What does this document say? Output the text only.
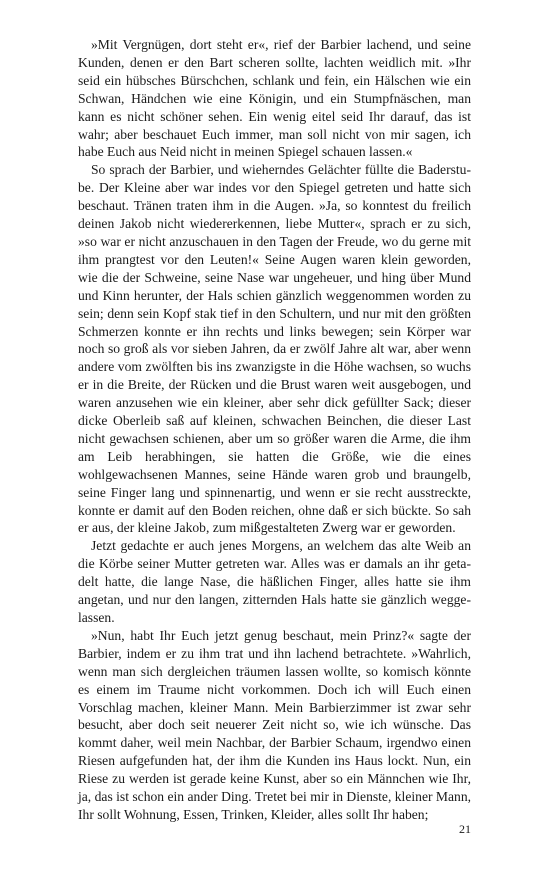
»Mit Vergnügen, dort steht er«, rief der Barbier lachend, und seine Kunden, denen er den Bart scheren sollte, lachten weidlich mit. »Ihr seid ein hübsches Bürschchen, schlank und fein, ein Hälschen wie ein Schwan, Händchen wie eine Königin, und ein Stumpfnäschen, man kann es nicht schöner sehen. Ein wenig eitel seid Ihr darauf, das ist wahr; aber beschauet Euch immer, man soll nicht von mir sagen, ich habe Euch aus Neid nicht in meinen Spiegel schauen lassen.«

So sprach der Barbier, und wieherndes Gelächter füllte die Baderstube. Der Kleine aber war indes vor den Spiegel getreten und hatte sich beschaut. Tränen traten ihm in die Augen. »Ja, so konntest du freilich deinen Jakob nicht wiedererkennen, liebe Mutter«, sprach er zu sich, »so war er nicht anzuschauen in den Tagen der Freude, wo du gerne mit ihm prangtest vor den Leuten!« Seine Augen waren klein geworden, wie die der Schweine, seine Nase war ungeheuer, und hing über Mund und Kinn herunter, der Hals schien gänzlich weggenommen worden zu sein; denn sein Kopf stak tief in den Schultern, und nur mit den größten Schmerzen konnte er ihn rechts und links bewegen; sein Körper war noch so groß als vor sieben Jahren, da er zwölf Jahre alt war, aber wenn andere vom zwölften bis ins zwanzigste in die Höhe wachsen, so wuchs er in die Breite, der Rücken und die Brust waren weit ausgebogen, und waren anzusehen wie ein kleiner, aber sehr dick gefüllter Sack; dieser dicke Oberleib saß auf kleinen, schwachen Beinchen, die dieser Last nicht gewachsen schienen, aber um so größer waren die Arme, die ihm am Leib herabhingen, sie hatten die Größe, wie die eines wohlgewachsenen Mannes, seine Hände waren grob und braungelb, seine Finger lang und spinnenartig, und wenn er sie recht ausstreckte, konnte er damit auf den Boden reichen, ohne daß er sich bückte. So sah er aus, der kleine Jakob, zum mißgestalteten Zwerg war er geworden.

Jetzt gedachte er auch jenes Morgens, an welchem das alte Weib an die Körbe seiner Mutter getreten war. Alles was er damals an ihr getadelt hatte, die lange Nase, die häßlichen Finger, alles hatte sie ihm angetan, und nur den langen, zitternden Hals hatte sie gänzlich weggelassen.

»Nun, habt Ihr Euch jetzt genug beschaut, mein Prinz?« sagte der Barbier, indem er zu ihm trat und ihn lachend betrachtete. »Wahrlich, wenn man sich dergleichen träumen lassen wollte, so komisch könnte es einem im Traume nicht vorkommen. Doch ich will Euch einen Vorschlag machen, kleiner Mann. Mein Barbierzimmer ist zwar sehr besucht, aber doch seit neuerer Zeit nicht so, wie ich wünsche. Das kommt daher, weil mein Nachbar, der Barbier Schaum, irgendwo einen Riesen aufgefunden hat, der ihm die Kunden ins Haus lockt. Nun, ein Riese zu werden ist gerade keine Kunst, aber so ein Männchen wie Ihr, ja, das ist schon ein ander Ding. Tretet bei mir in Dienste, kleiner Mann, Ihr sollt Wohnung, Essen, Trinken, Kleider, alles sollt Ihr haben;

21
